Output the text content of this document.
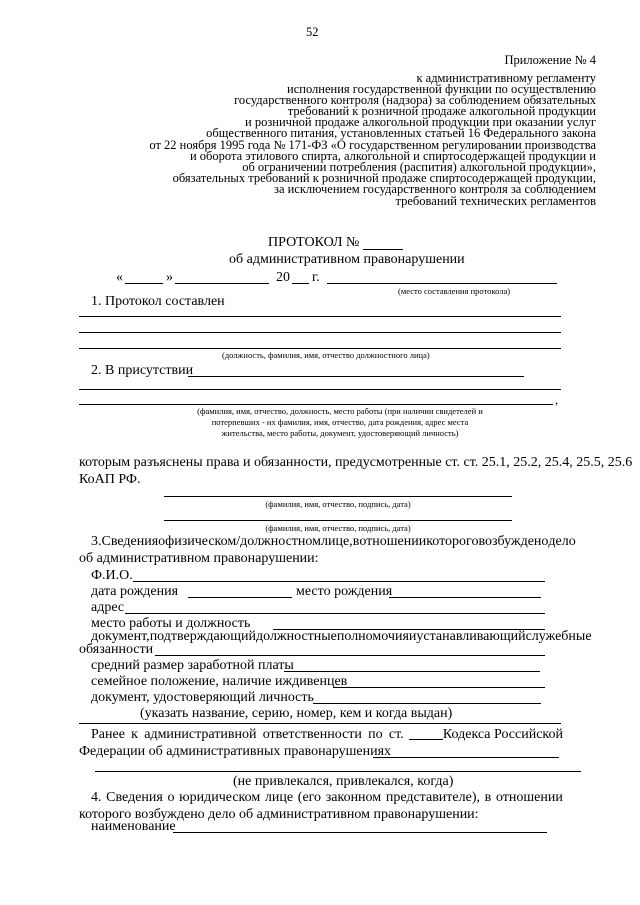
52
Приложение № 4
к административному регламенту
исполнения государственной функции по осуществлению
государственного контроля (надзора) за соблюдением обязательных
требований к розничной продаже алкогольной продукции
и розничной продаже алкогольной продукции при оказании услуг
общественного питания, установленных статьей 16 Федерального закона
от 22 ноября 1995 года № 171-ФЗ «О государственном регулировании производства
и оборота этилового спирта, алкогольной и спиртосодержащей продукции и
об ограничении потребления (распития) алкогольной продукции»,
обязательных требований к розничной продаже спиртосодержащей продукции,
за исключением государственного контроля за соблюдением
требований технических регламентов
ПРОТОКОЛ №
об административном правонарушении
«	»	20 г.
(место составления протокола)
1. Протокол составлен
(должность, фамилия, имя, отчество должностного лица)
2. В присутствии
,
(фамилия, имя, отчество, должность, место работы (при наличии свидетелей и
потерпевших - их фамилия, имя, отчество, дата рождения, адрес места
жительства, место работы, документ, удостоверяющий личность)
которым разъяснены права и обязанности, предусмотренные ст. ст. 25.1, 25.2, 25.4, 25.5, 25.6
КоАП РФ.
(фамилия, имя, отчество, подпись, дата)
(фамилия, имя, отчество, подпись, дата)
3. Сведения о физическом/должностном лице, в отношении которого возбуждено дело
об административном правонарушении:
Ф.И.О.
дата рождения	место рождения
адрес
место работы и должность
документ, подтверждающий должностные полномочия и устанавливающий служебные
обязанности
средний размер заработной платы
семейное положение, наличие иждивенцев
документ, удостоверяющий личность
(указать название, серию, номер, кем и когда выдан)
Ранее к административной ответственности по ст.	Кодекса Российской
Федерации об административных правонарушениях
(не привлекался, привлекался, когда)
4. Сведения о юридическом лице (его законном представителе), в отношении
которого возбуждено дело об административном правонарушении:
наименование
